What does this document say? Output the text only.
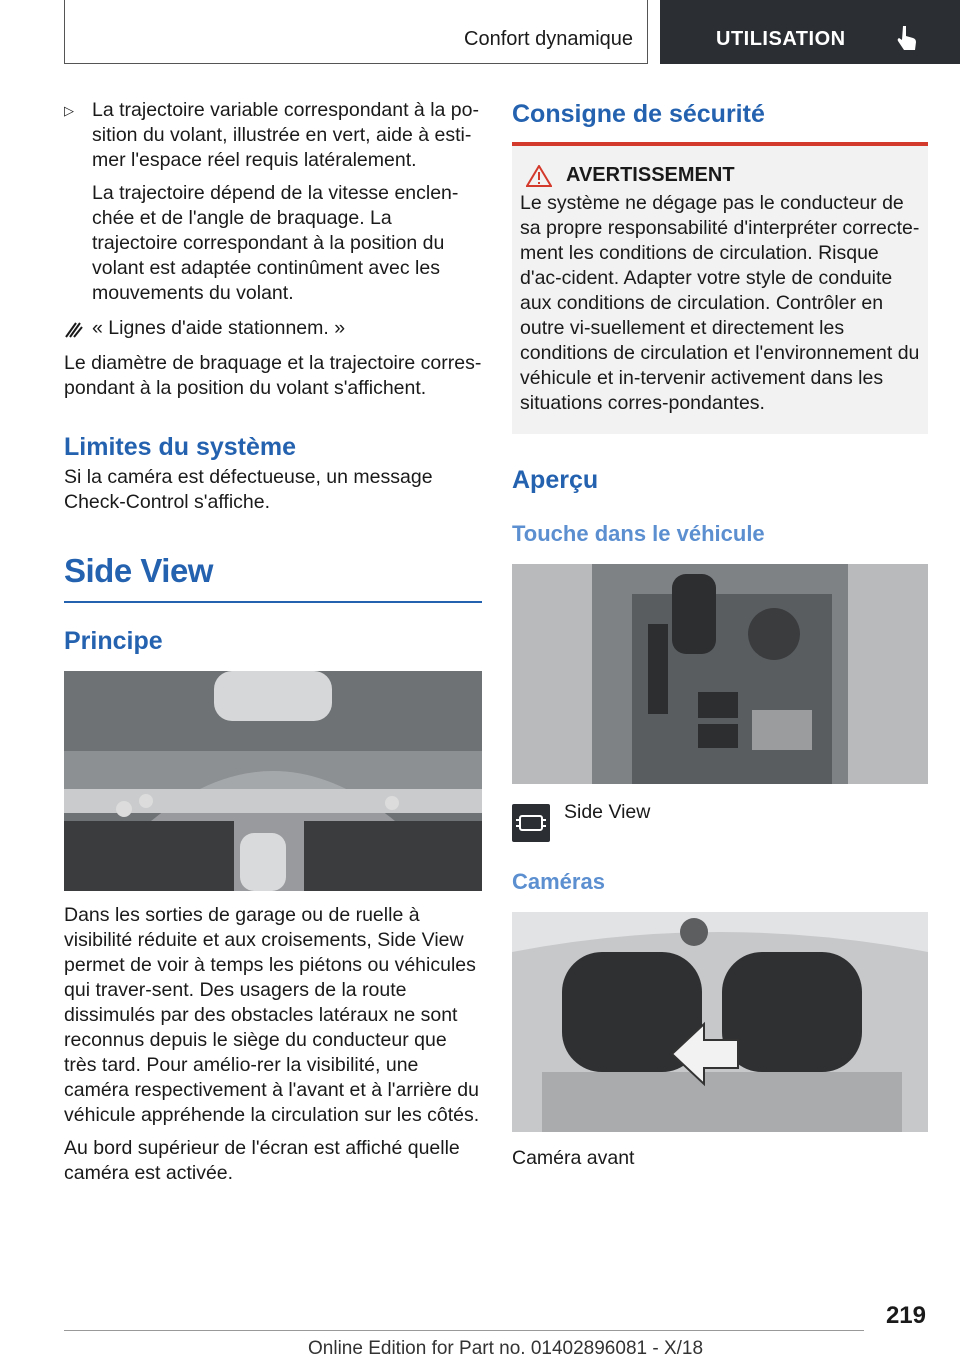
Confort dynamique	UTILISATION
▷ La trajectoire variable correspondant à la po-sition du volant, illustrée en vert, aide à esti-mer l'espace réel requis latéralement.

La trajectoire dépend de la vitesse enclen-chée et de l'angle de braquage. La trajectoire correspondant à la position du volant est adaptée continûment avec les mouvements du volant.

« Lignes d'aide stationnem. »

Le diamètre de braquage et la trajectoire corres-pondant à la position du volant s'affichent.

Limites du système

Si la caméra est défectueuse, un message Check-Control s'affiche.

Side View
Principe

Dans les sorties de garage ou de ruelle à visibilité réduite et aux croisements, Side View permet de voir à temps les piétons ou véhicules qui traver-sent. Des usagers de la route dissimulés par des obstacles latéraux ne sont reconnus depuis le siège du conducteur que très tard. Pour amélio-rer la visibilité, une caméra respectivement à l'avant et à l'arrière du véhicule appréhende la circulation sur les côtés.

Au bord supérieur de l'écran est affiché quelle caméra est activée.

Consigne de sécurité
AVERTISSEMENT

Le système ne dégage pas le conducteur de sa propre responsabilité d'interpréter correcte-ment les conditions de circulation. Risque d'ac-cident. Adapter votre style de conduite aux conditions de circulation. Contrôler en outre vi-suellement et directement les conditions de circulation et l'environnement du véhicule et in-tervenir activement dans les situations corres-pondantes.

Aperçu
Touche dans le véhicule

Side View

Caméras

Caméra avant

219
Online Edition for Part no. 01402896081 - X/18
